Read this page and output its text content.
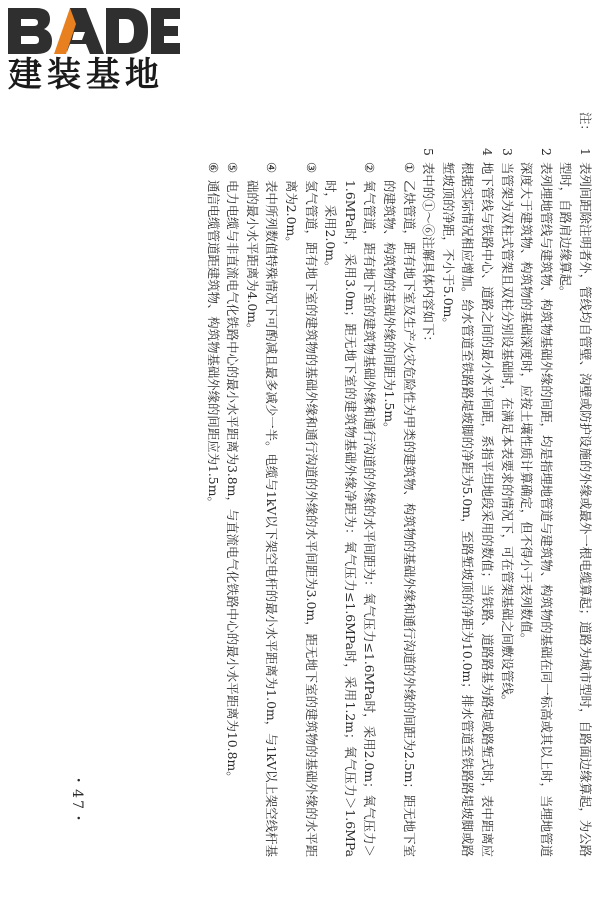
建装基地
注：1
表列间距除注明者外，管线均自管壁、沟壁或防护设施的外缘或最外一根电缆算起；道路为城市型时，自路面边缘算起，为公路型时，自路肩边缘算起。
2
表列埋地管线与建筑物、构筑物基础外缘的间距，均是指埋地管道与建筑物、构筑物的基础在同一标高或其以上时，当埋地管道深度大于建筑物、构筑物的基础深度时，应按土壤性质计算确定，但不得小于表列数值。
3
当管架为双柱式管架且双柱分别设基础时，在满足本表要求的情况下，可在管架基础之间敷设管线。
4
地下管线与铁路中心、道路之间的最小水平间距，系指平坦地段采用的数值；当铁路、道路路基为路堤或路堑式时，表中距离应根据实际情况相应增加。给水管道至铁路路堤坡脚的净距为5.0m，至路堑坡顶的净距为10.0m；排水管道至铁路路堤坡脚或路堑坡顶的净距，不小于5.0m。
5
表中的①～⑥注解具体内容如下：
①
乙炔管道，距有地下室及生产火灾危险性为甲类的建筑物、构筑物的基础外缘和通行沟道的外缘的间距为2.5m；距无地下室的建筑物、构筑物的基础外缘的间距为1.5m。
②
氧气管道，距有地下室的建筑物基础外缘和通行沟道的外缘的水平间距为：氧气压力≤1.6MPa时，采用2.0m；氧气压力＞1.6MPa时，采用3.0m；距无地下室的建筑物基础外缘净距为：氧气压力≤1.6MPa时，采用1.2m；氧气压力＞1.6MPa时，采用2.0m。
③
氢气管道，距有地下室的建筑物的基础外缘和通行沟道的外缘的水平间距为3.0m，距无地下室的建筑物的基础外缘的水平距离为2.0m。
④
表中所列数值特殊情况下可酌减且最多减少一半。电缆与1kV以下架空电杆的最小水平距离为1.0m，与1kV以上架空线杆基础的最小水平距离为4.0m。
⑤
电力电缆与非直流电气化铁路中心的最小水平距离为3.8m，与直流电气化铁路中心的最小水平距离为10.8m。
⑥
通信电缆管道距建筑物、构筑物基础外缘的间距应为1.5m。
・47・
